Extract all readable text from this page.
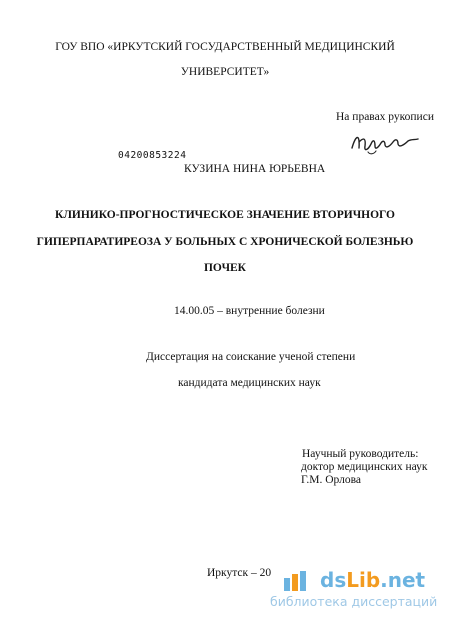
ГОУ ВПО «ИРКУТСКИЙ ГОСУДАРСТВЕННЫЙ МЕДИЦИНСКИЙ
УНИВЕРСИТЕТ»
На правах рукописи
04200853224
КУЗИНА НИНА ЮРЬЕВНА
КЛИНИКО-ПРОГНОСТИЧЕСКОЕ ЗНАЧЕНИЕ ВТОРИЧНОГО
ГИПЕРПАРАТИРЕОЗА У БОЛЬНЫХ С ХРОНИЧЕСКОЙ БОЛЕЗНЬЮ
ПОЧЕК
14.00.05 – внутренние болезни
Диссертация на соискание ученой степени
кандидата медицинских наук
Научный руководитель:
доктор медицинских наук
Г.М. Орлова
Иркутск – 20 dsLib.net
библиотека диссертаций
